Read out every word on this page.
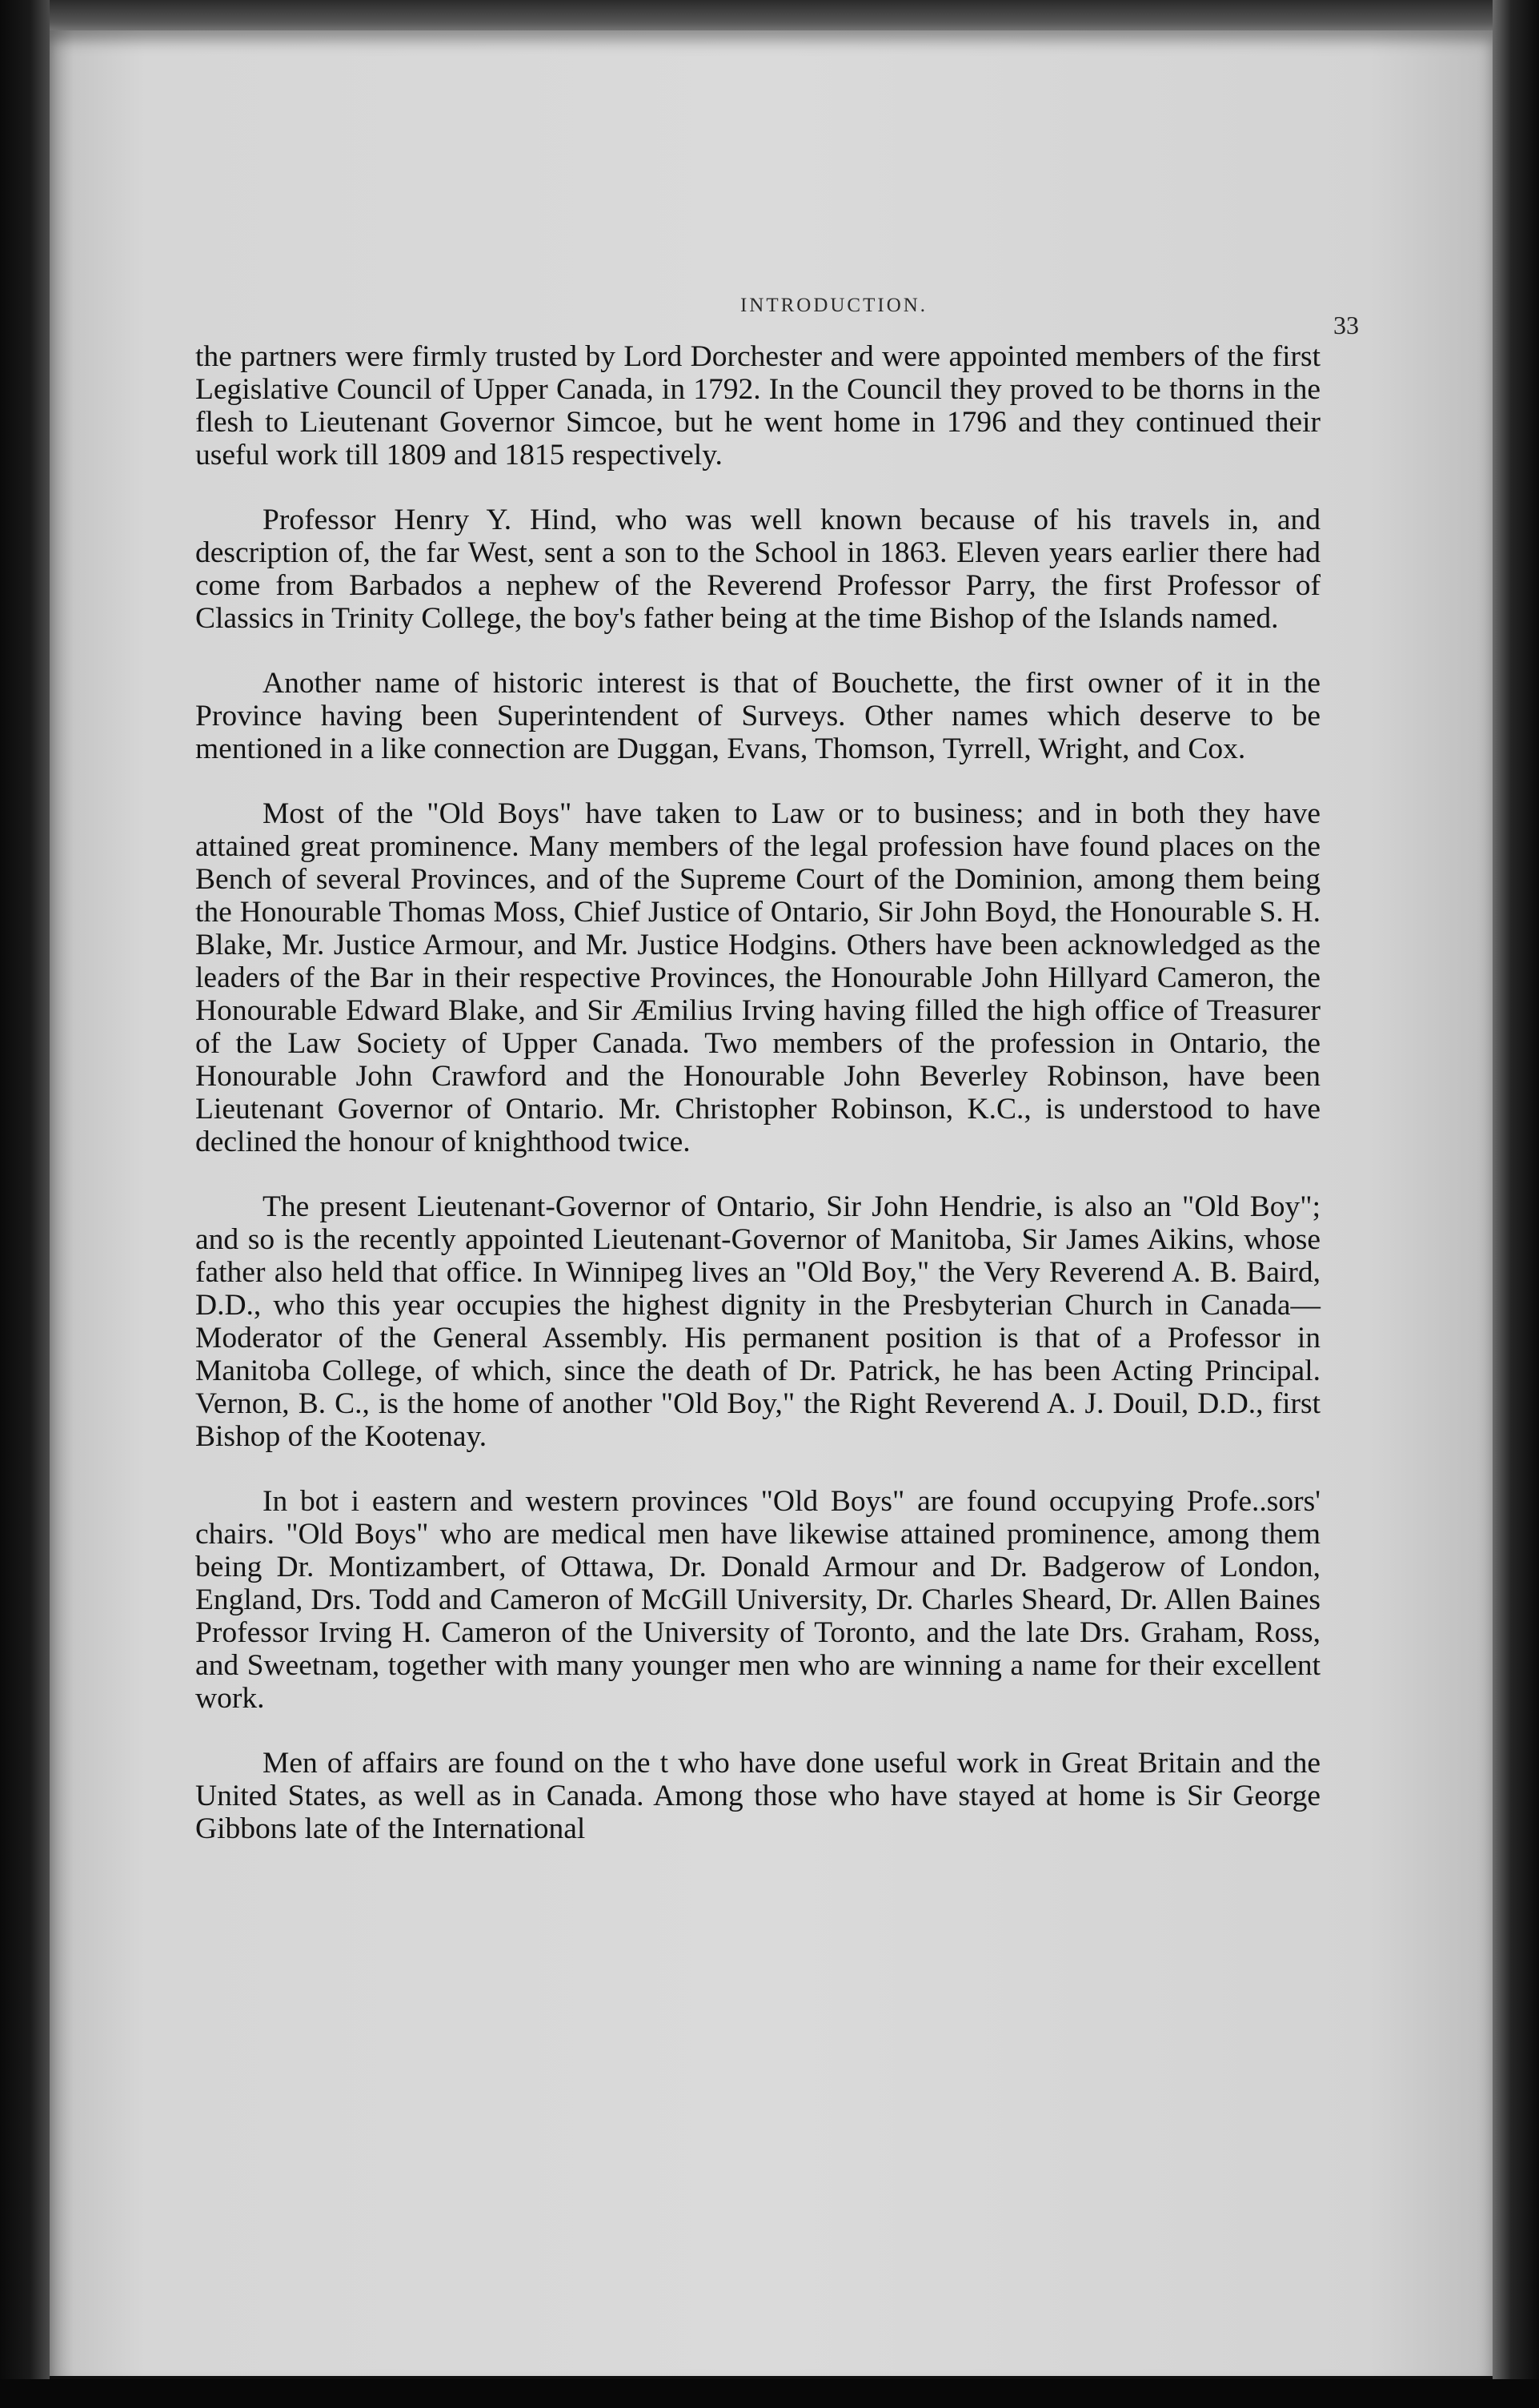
INTRODUCTION.
33

the partners were firmly trusted by Lord Dorchester and were appointed members of the first Legislative Council of Upper Canada, in 1792. In the Council they proved to be thorns in the flesh to Lieutenant Governor Simcoe, but he went home in 1796 and they continued their useful work till 1809 and 1815 respectively.

Professor Henry Y. Hind, who was well known because of his travels in, and description of, the far West, sent a son to the School in 1863. Eleven years earlier there had come from Barbados a nephew of the Reverend Professor Parry, the first Professor of Classics in Trinity College, the boy's father being at the time Bishop of the Islands named.

Another name of historic interest is that of Bouchette, the first owner of it in the Province having been Superintendent of Surveys. Other names which deserve to be mentioned in a like connection are Duggan, Evans, Thomson, Tyrrell, Wright, and Cox.

Most of the "Old Boys" have taken to Law or to business; and in both they have attained great prominence. Many members of the legal profession have found places on the Bench of several Provinces, and of the Supreme Court of the Dominion, among them being the Honourable Thomas Moss, Chief Justice of Ontario, Sir John Boyd, the Honourable S. H. Blake, Mr. Justice Armour, and Mr. Justice Hodgins. Others have been acknowledged as the leaders of the Bar in their respective Provinces, the Honourable John Hillyard Cameron, the Honourable Edward Blake, and Sir Æmilius Irving having filled the high office of Treasurer of the Law Society of Upper Canada. Two members of the profession in Ontario, the Honourable John Crawford and the Honourable John Beverley Robinson, have been Lieutenant Governor of Ontario. Mr. Christopher Robinson, K.C., is understood to have declined the honour of knighthood twice.

The present Lieutenant-Governor of Ontario, Sir John Hendrie, is also an "Old Boy"; and so is the recently appointed Lieutenant-Governor of Manitoba, Sir James Aikins, whose father also held that office. In Winnipeg lives an "Old Boy," the Very Reverend A. B. Baird, D.D., who this year occupies the highest dignity in the Presbyterian Church in Canada—Moderator of the General Assembly. His permanent position is that of a Professor in Manitoba College, of which, since the death of Dr. Patrick, he has been Acting Principal. Vernon, B. C., is the home of another "Old Boy," the Right Reverend A. J. Douil, D.D., first Bishop of the Kootenay.

In bot i eastern and western provinces "Old Boys" are found occupying Profe..sors' chairs. "Old Boys" who are medical men have likewise attained prominence, among them being Dr. Montizambert, of Ottawa, Dr. Donald Armour and Dr. Badgerow of London, England, Drs. Todd and Cameron of McGill University, Dr. Charles Sheard, Dr. Allen Baines Professor Irving H. Cameron of the University of Toronto, and the late Drs. Graham, Ross, and Sweetnam, together with many younger men who are winning a name for their excellent work.

Men of affairs are found on the t who have done useful work in Great Britain and the United States, as well as in Canada. Among those who have stayed at home is Sir George Gibbons late of the International
